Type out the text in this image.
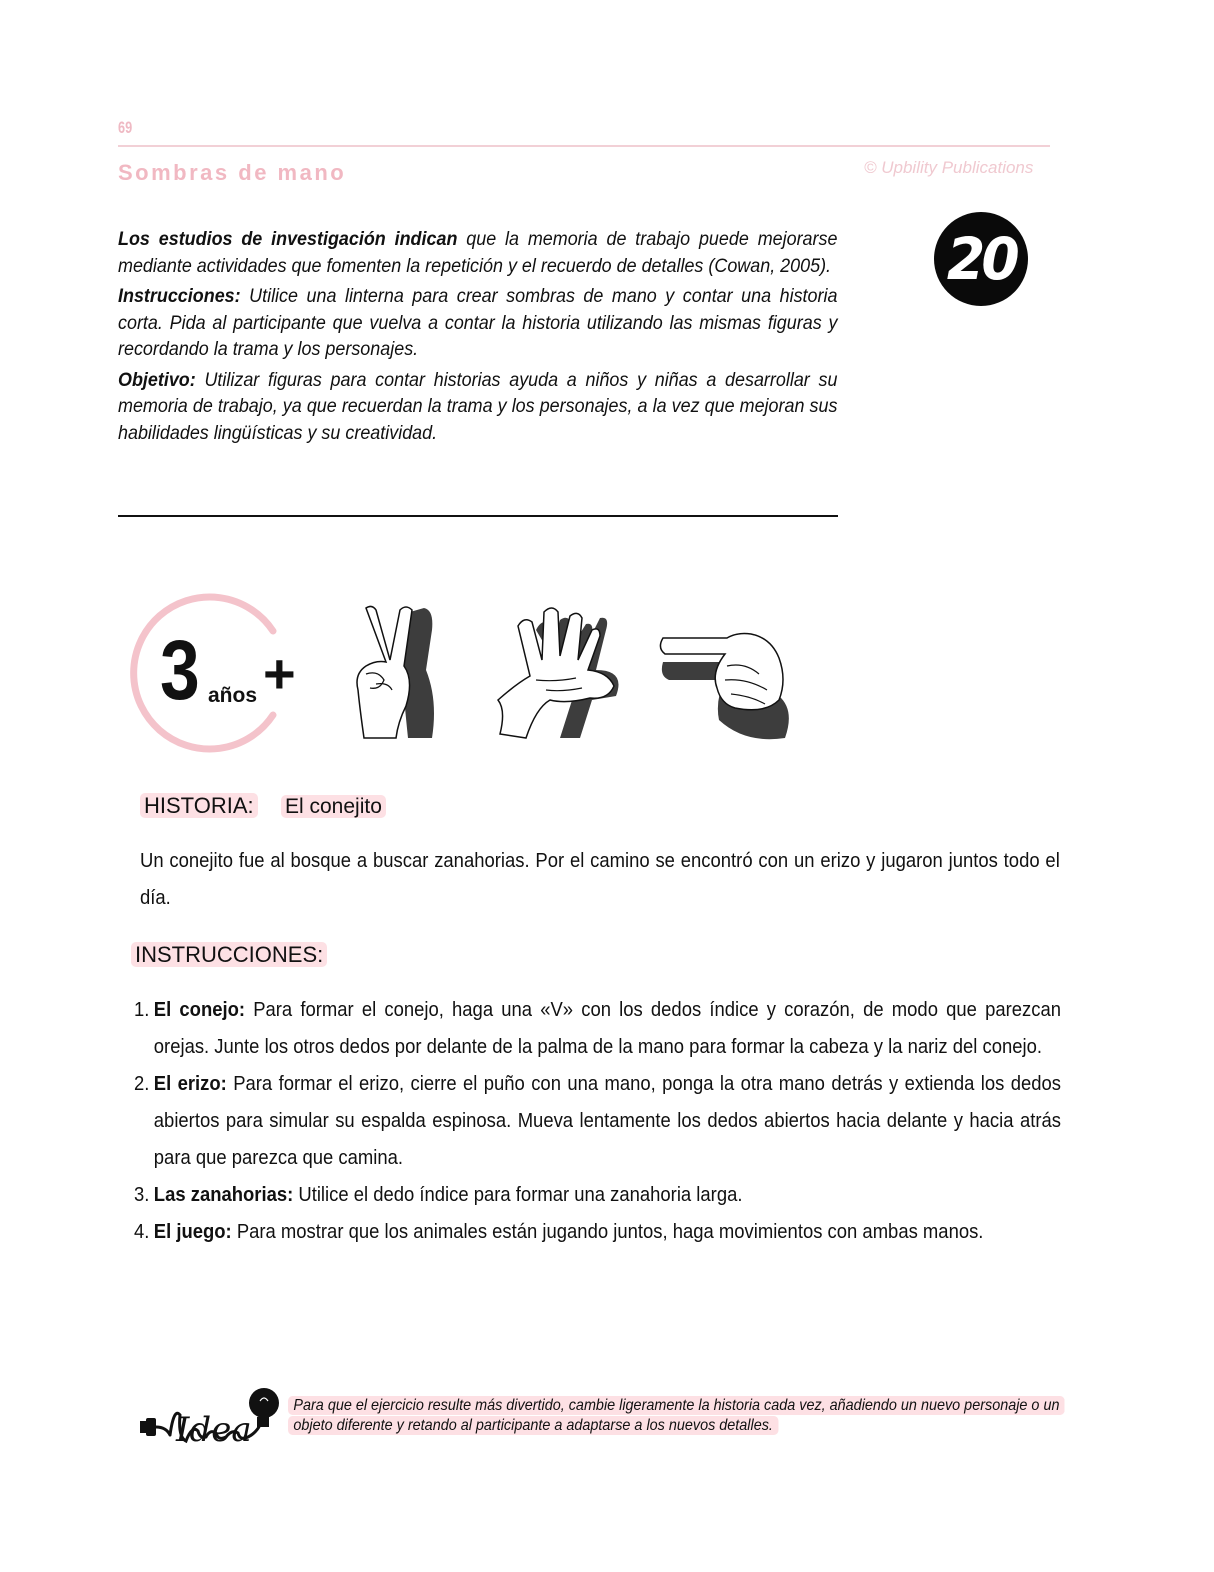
69
Sombras de mano	© Upbility Publications
20

Los estudios de investigación indican que la memoria de trabajo puede mejorarse mediante actividades que fomenten la repetición y el recuerdo de detalles (Cowan, 2005).

Instrucciones: Utilice una linterna para crear sombras de mano y contar una historia corta. Pida al participante que vuelva a contar la historia utilizando las mismas figuras y recordando la trama y los personajes.

Objetivo: Utilizar figuras para contar historias ayuda a niños y niñas a desarrollar su memoria de trabajo, ya que recuerdan la trama y los personajes, a la vez que mejoran sus habilidades lingüísticas y su creatividad.

3 años +
HISTORIA: El conejito
Un conejito fue al bosque a buscar zanahorias. Por el camino se encontró con un erizo y jugaron juntos todo el día.
INSTRUCCIONES:
1. El conejo: Para formar el conejo, haga una «V» con los dedos índice y corazón, de modo que parezcan orejas. Junte los otros dedos por delante de la palma de la mano para formar la cabeza y la nariz del conejo.
2. El erizo: Para formar el erizo, cierre el puño con una mano, ponga la otra mano detrás y extienda los dedos abiertos para simular su espalda espinosa. Mueva lentamente los dedos abiertos hacia delante y hacia atrás para que parezca que camina.
3. Las zanahorias: Utilice el dedo índice para formar una zanahoria larga.
4. El juego: Para mostrar que los animales están jugando juntos, haga movimientos con ambas manos.
Idea
Para que el ejercicio resulte más divertido, cambie ligeramente la historia cada vez, añadiendo un nuevo personaje o un objeto diferente y retando al participante a adaptarse a los nuevos detalles.
